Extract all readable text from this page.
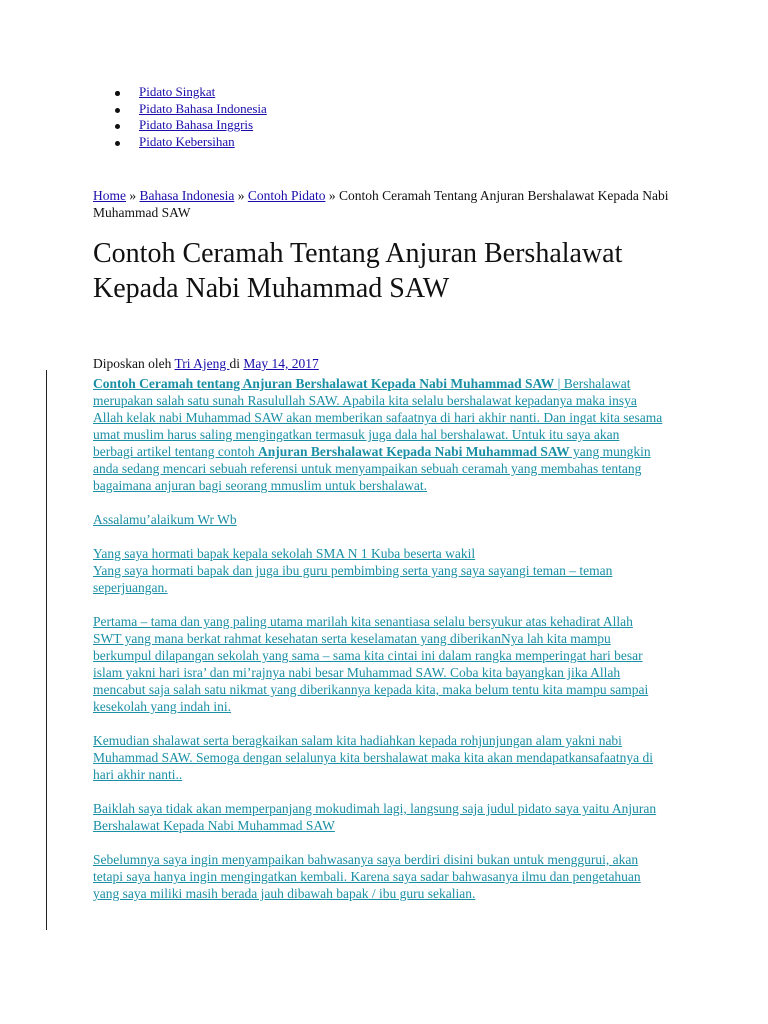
Pidato Singkat
Pidato Bahasa Indonesia
Pidato Bahasa Inggris
Pidato Kebersihan
Home » Bahasa Indonesia » Contoh Pidato » Contoh Ceramah Tentang Anjuran Bershalawat Kepada Nabi Muhammad SAW
Contoh Ceramah Tentang Anjuran Bershalawat Kepada Nabi Muhammad SAW
Diposkan oleh Tri Ajeng di May 14, 2017

Contoh Ceramah tentang Anjuran Bershalawat Kepada Nabi Muhammad SAW | Bershalawat merupakan salah satu sunah Rasulullah SAW. Apabila kita selalu bershalawat kepadanya maka insya Allah kelak nabi Muhammad SAW akan memberikan safaatnya di hari akhir nanti. Dan ingat kita sesama umat muslim harus saling mengingatkan termasuk juga dala hal bershalawat. Untuk itu saya akan berbagi artikel tentang contoh Anjuran Bershalawat Kepada Nabi Muhammad SAW yang mungkin anda sedang mencari sebuah referensi untuk menyampaikan sebuah ceramah yang membahas tentang bagaimana anjuran bagi seorang mmuslim untuk bershalawat.

Assalamu’alaikum Wr Wb

Yang saya hormati bapak kepala sekolah SMA N 1 Kuba beserta wakil
Yang saya hormati bapak dan juga ibu guru pembimbing serta yang saya sayangi teman – teman seperjuangan.

Pertama – tama dan yang paling utama marilah kita senantiasa selalu bersyukur atas kehadirat Allah SWT yang mana berkat rahmat kesehatan serta keselamatan yang diberikanNya lah kita mampu berkumpul dilapangan sekolah yang sama – sama kita cintai ini dalam rangka memperingat hari besar islam yakni hari isra’ dan mi’rajnya nabi besar Muhammad SAW. Coba kita bayangkan jika Allah mencabut saja salah satu nikmat yang diberikannya kepada kita, maka belum tentu kita mampu sampai kesekolah yang indah ini.

Kemudian shalawat serta beragkaikan salam kita hadiahkan kepada rohjunjungan alam yakni nabi Muhammad SAW. Semoga dengan selalunya kita bershalawat maka kita akan mendapatkansafaatnya di hari akhir nanti..

Baiklah saya tidak akan memperpanjang mokudimah lagi, langsung saja judul pidato saya yaitu Anjuran Bershalawat Kepada Nabi Muhammad SAW

Sebelumnya saya ingin menyampaikan bahwasanya saya berdiri disini bukan untuk menggurui, akan tetapi saya hanya ingin mengingatkan kembali. Karena saya sadar bahwasanya ilmu dan pengetahuan yang saya miliki masih berada jauh dibawah bapak / ibu guru sekalian.
